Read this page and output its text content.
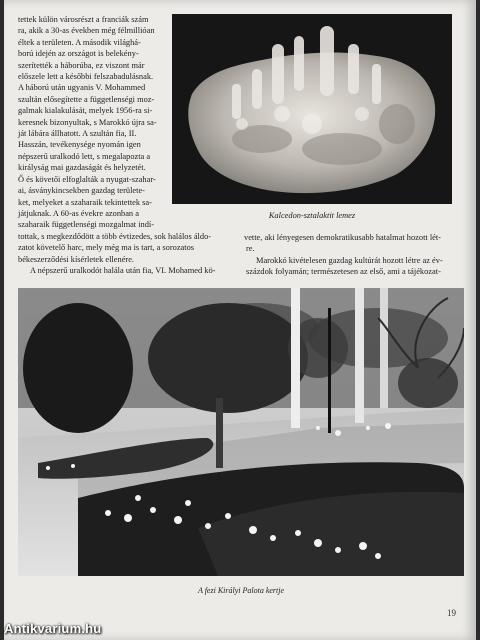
tettek külön városrészt a franciák szám

ra, akik a 30-as években még félmillióan

éltek a területen. A második világhá-

ború idején az országot is belekény-

szerítették a háborúba, ez viszont már

előszele lett a későbbi felszabadulásnak.

A háború után ugyanis V. Mohammed

szultán elősegítette a függetlenségi moz-

galmak kialakulását, melyek 1956-ra si-

keresnek bizonyultak, s Marokkó újra sa-

ját lábára állhatott. A szultán fia, II.

Hasszán, tevékenysége nyomán igen

népszerű uralkodó lett, s megalapozta a

királyság mai gazdaságát és helyzetét.

Ő és követői elfoglalták a nyugat-szahar-

ai, ásványkincsekben gazdag területe-

ket, melyeket a szaharaik tekintettek sa-

játjuknak. A 60-as évekre azonban a

szaharaik függetlenségi mozgalmat indí-

tottak, s megkezdődött a több évtizedes, sok halálos áldo-

zatot követelő harc, mely még ma is tart, a sorozatos

békeszerződési kísérletek ellenére.

A népszerű uralkodót halála után fia, VI. Mohamed kö-

Kalcedon-sztalaktit lemez

vette, aki lényegesen demokratikusabb hatalmat hozott lét-

re.

Marokkó kivételesen gazdag kultúrát hozott létre az év-

százdok folyamán; természetesen az első, ami a tájékozat-

A fezi Királyi Palota kertje
19
Antikvarium.hu
